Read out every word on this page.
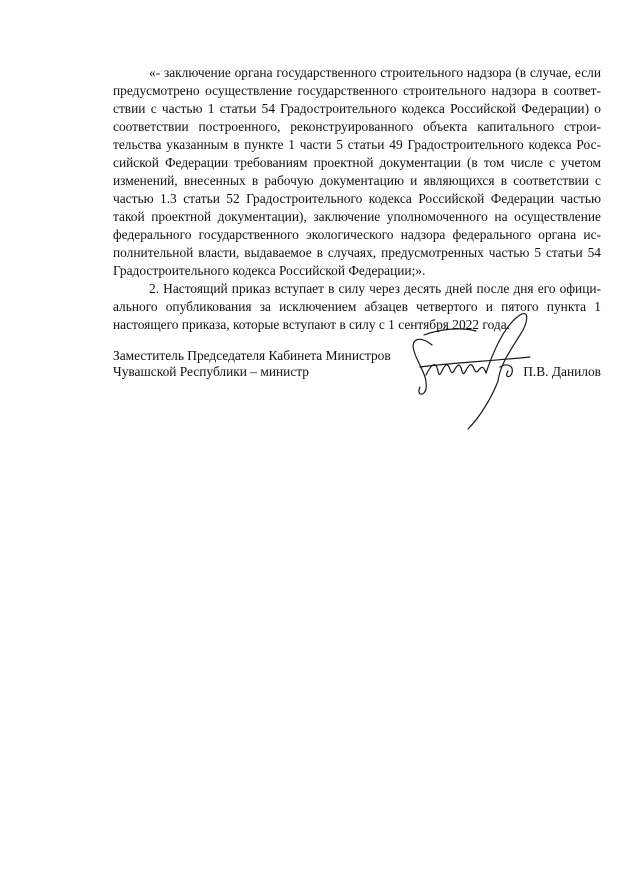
«- заключение органа государственного строительного надзора (в случае, если предусмотрено осуществление государственного строительного надзора в соответствии с частью 1 статьи 54 Градостроительного кодекса Российской Федерации) о соответствии построенного, реконструированного объекта капитального строительства указанным в пункте 1 части 5 статьи 49 Градостроительного кодекса Российской Федерации требованиям проектной документации (в том числе с учетом изменений, внесенных в рабочую документацию и являющихся в соответствии с частью 1.3 статьи 52 Градостроительного кодекса Российской Федерации частью такой проектной документации), заключение уполномоченного на осуществление федерального государственного экологического надзора федерального органа исполнительной власти, выдаваемое в случаях, предусмотренных частью 5 статьи 54 Градостроительного кодекса Российской Федерации;».

2. Настоящий приказ вступает в силу через десять дней после дня его официального опубликования за исключением абзацев четвертого и пятого пункта 1 настоящего приказа, которые вступают в силу с 1 сентября 2022 года.

Заместитель Председателя Кабинета Министров
Чувашской Республики – министр	П.В. Данилов
